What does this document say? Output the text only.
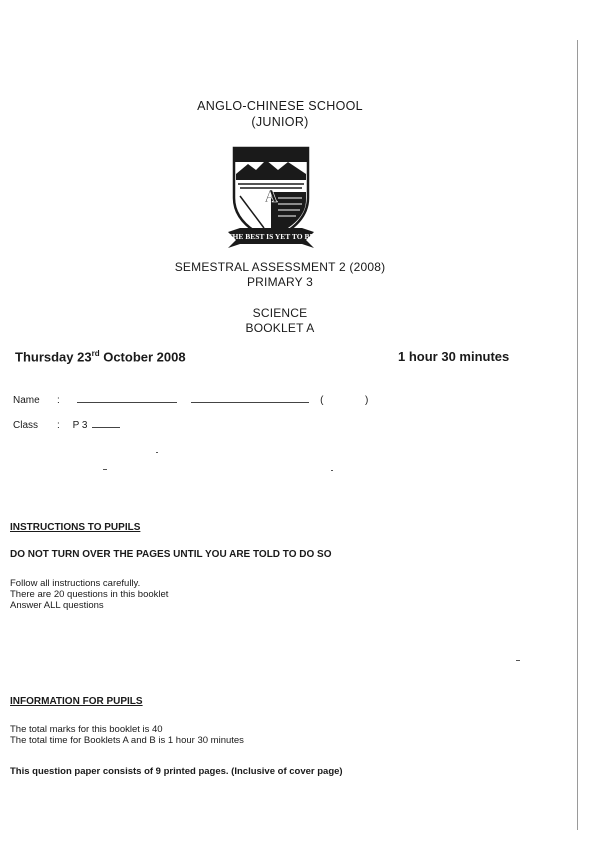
ANGLO-CHINESE SCHOOL
(JUNIOR)
A
THE BEST IS YET TO BE
SEMESTRAL ASSESSMENT 2 (2008)
PRIMARY 3
SCIENCE
BOOKLET A
Thursday 23rd October 2008	1 hour 30 minutes
Name :	(	)
Class : P 3
INSTRUCTIONS TO PUPILS
DO NOT TURN OVER THE PAGES UNTIL YOU ARE TOLD TO DO SO
Follow all instructions carefully.
There are 20 questions in this booklet
Answer ALL questions
INFORMATION FOR PUPILS
The total marks for this booklet is 40
The total time for Booklets A and B is 1 hour 30 minutes
This question paper consists of 9 printed pages. (Inclusive of cover page)
